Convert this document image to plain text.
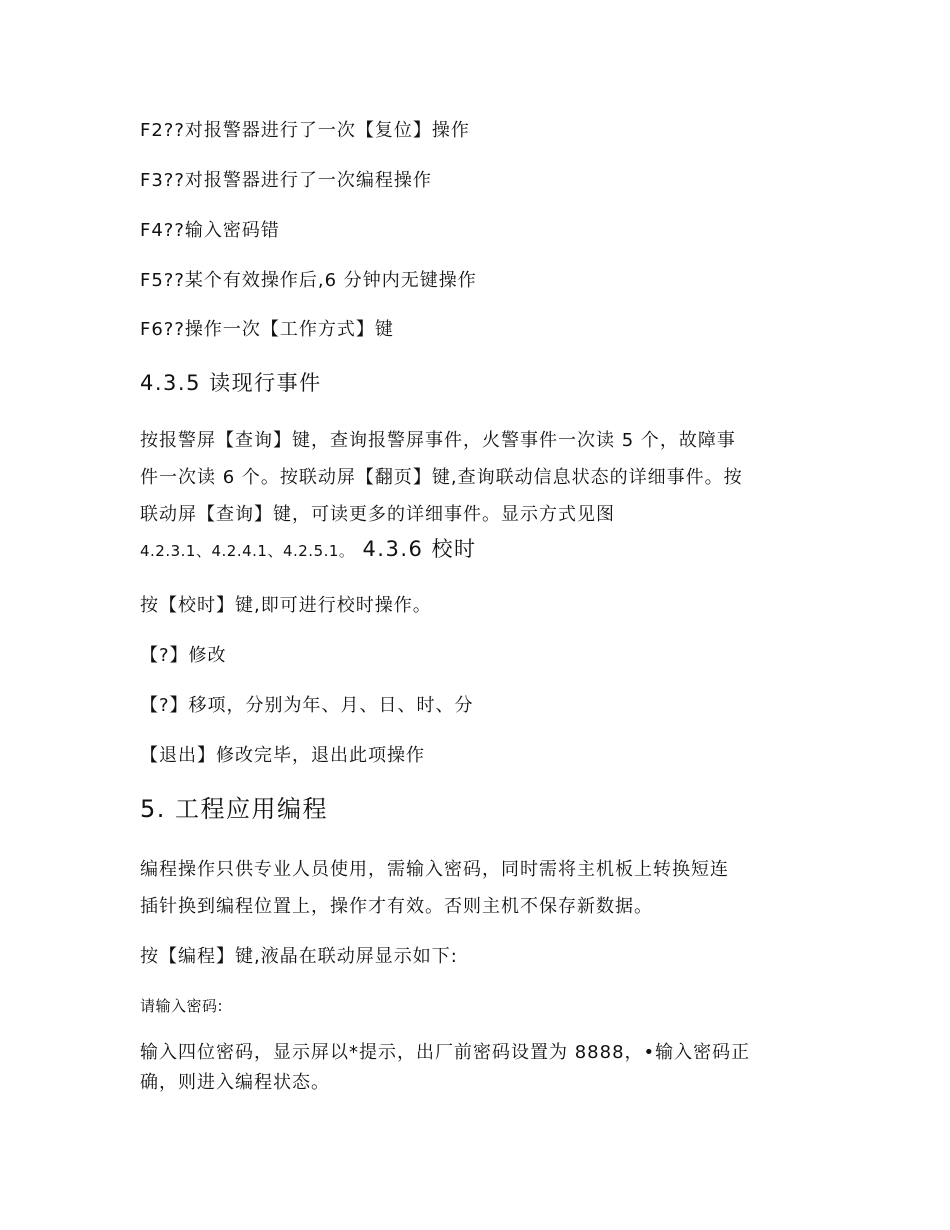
F2??对报警器进行了一次【复位】操作
F3??对报警器进行了一次编程操作
F4??输入密码错
F5??某个有效操作后,6 分钟内无键操作
F6??操作一次【工作方式】键
4.3.5 读现行事件
按报警屏【查询】键，查询报警屏事件，火警事件一次读 5 个，故障事
件一次读 6 个。按联动屏【翻页】键,查询联动信息状态的详细事件。按
联动屏【查询】键，可读更多的详细事件。显示方式见图
4.2.3.1、4.2.4.1、4.2.5.1。 4.3.6 校时
按【校时】键,即可进行校时操作。
【?】修改
【?】移项，分别为年、月、日、时、分
【退出】修改完毕，退出此项操作
5. 工程应用编程
编程操作只供专业人员使用，需输入密码，同时需将主机板上转换短连
插针换到编程位置上，操作才有效。否则主机不保存新数据。
按【编程】键,液晶在联动屏显示如下:
请输入密码:
输入四位密码，显示屏以*提示，出厂前密码设置为 8888，•输入密码正
确，则进入编程状态。
